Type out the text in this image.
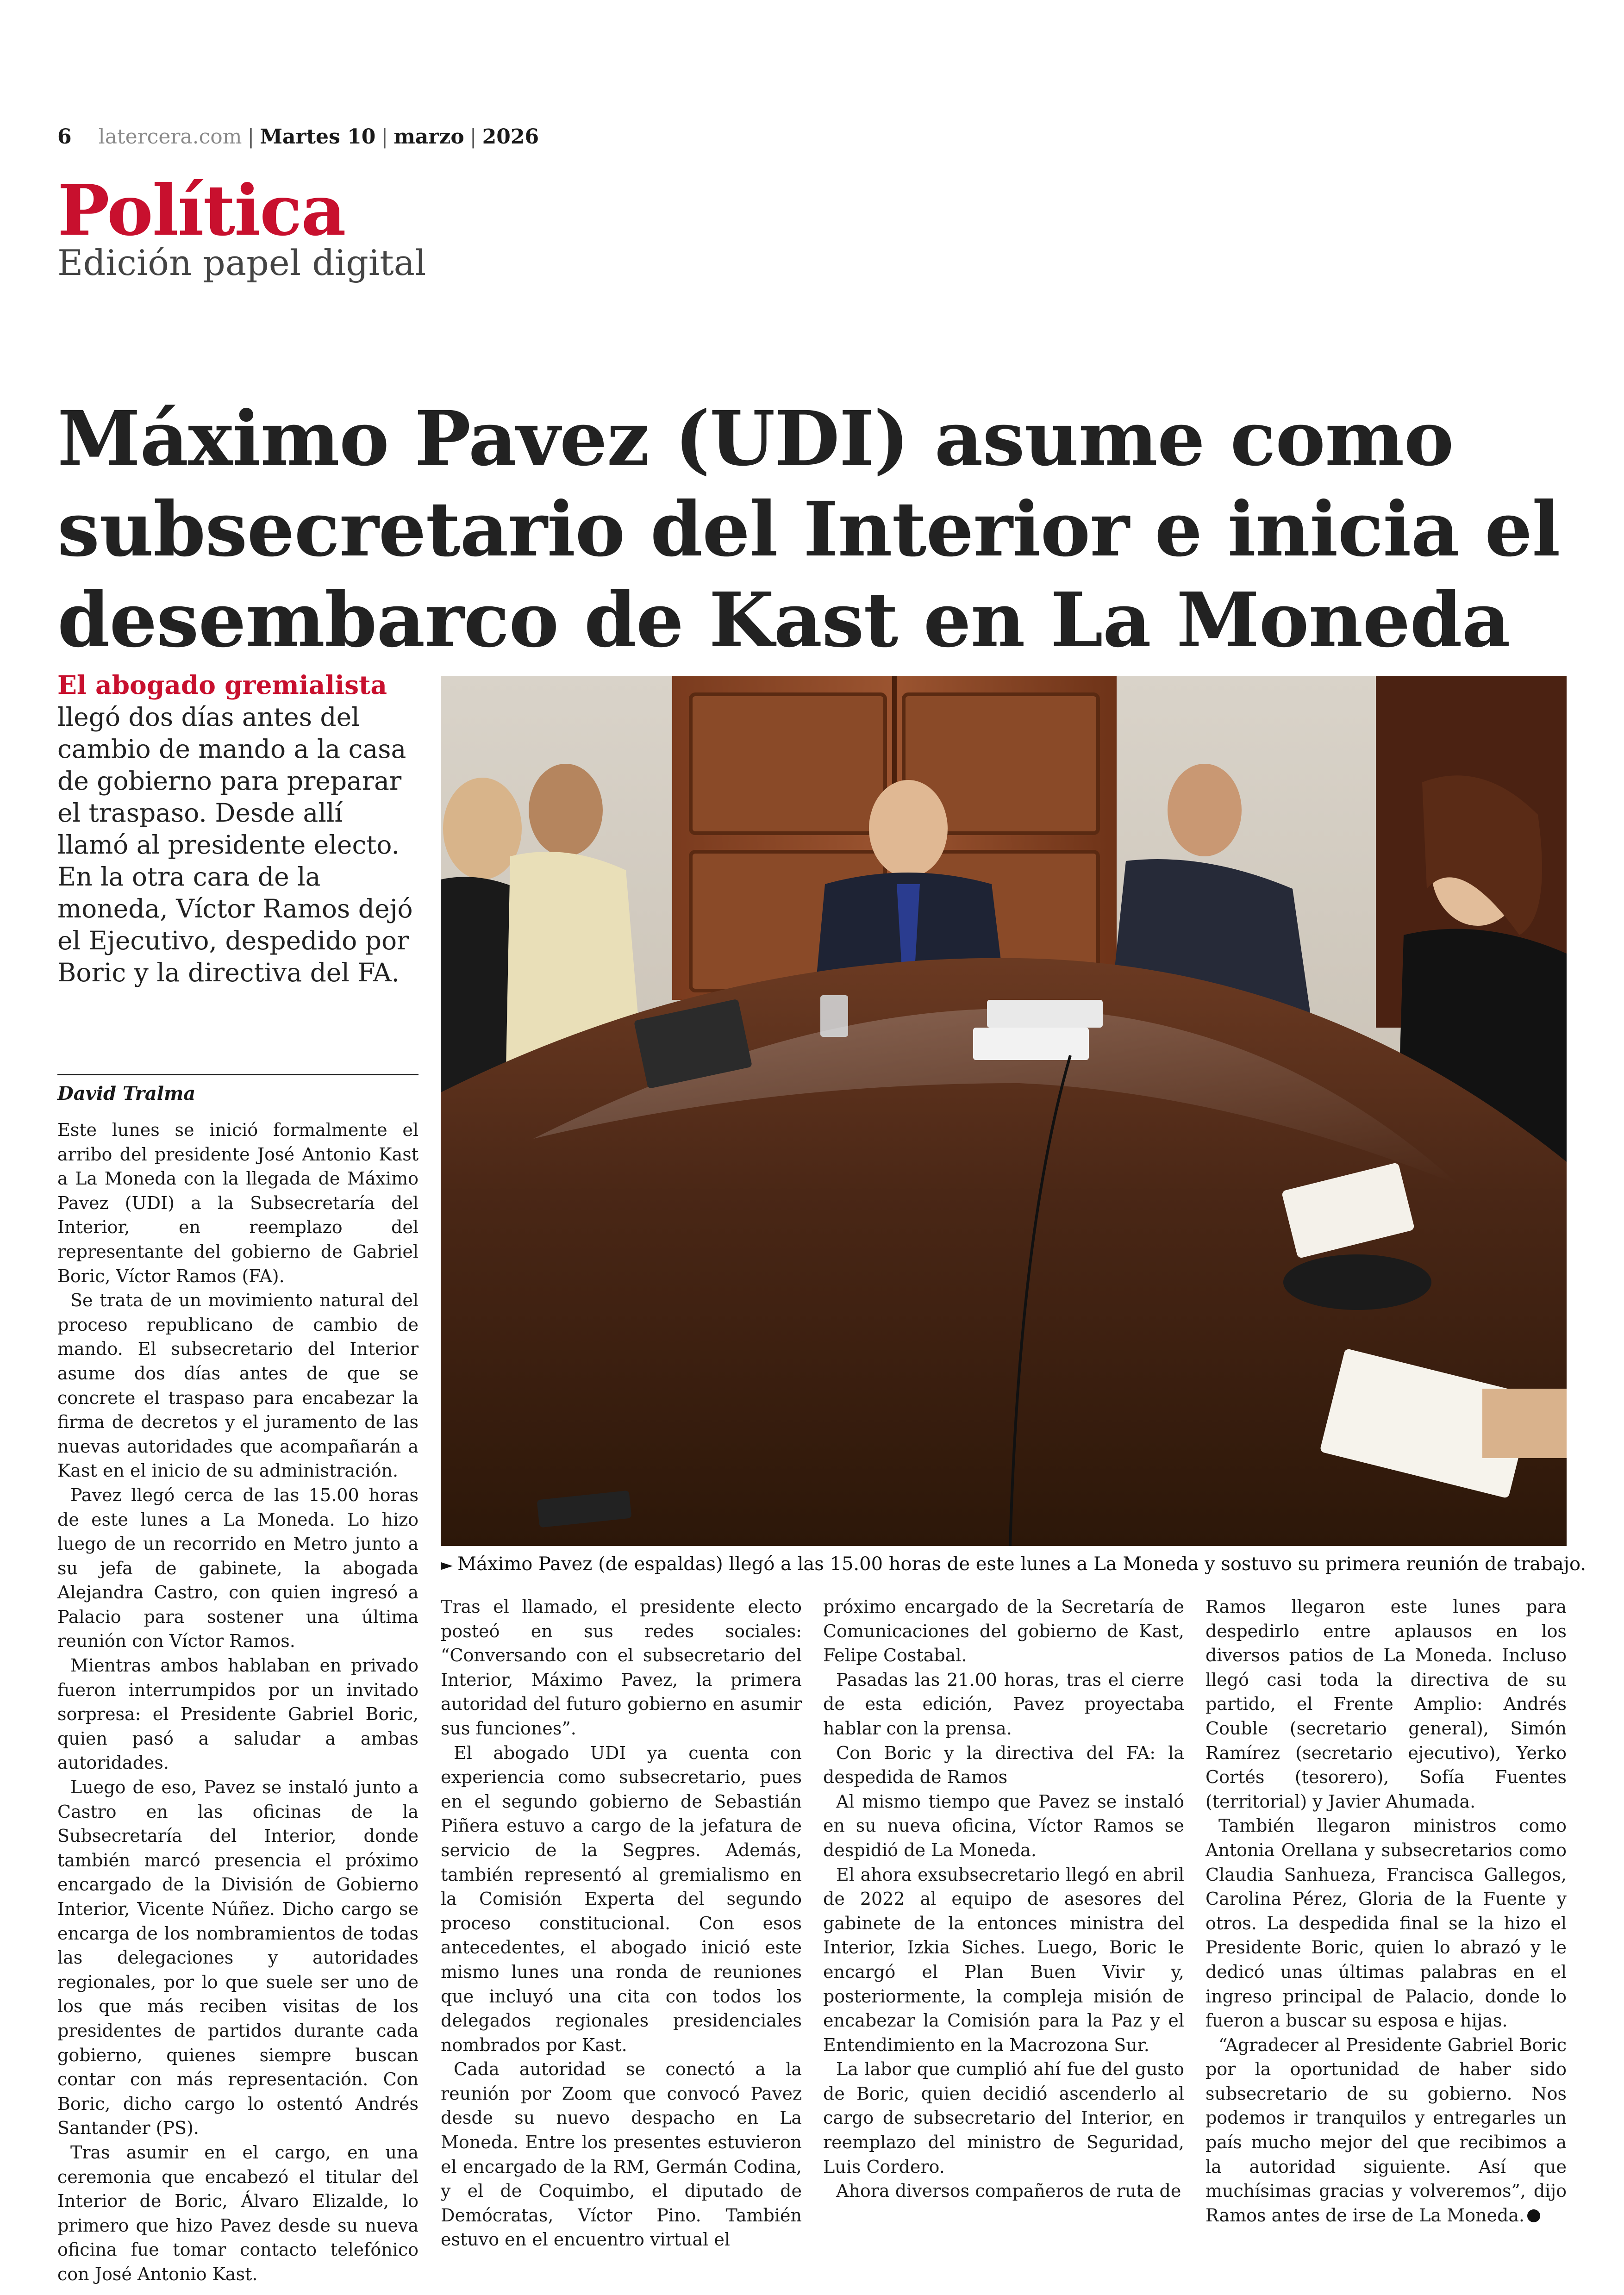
6 latercera.com | Martes 10 | marzo | 2026
Política
Edición papel digital
Máximo Pavez (UDI) asume como
subsecretario del Interior e inicia el
desembarco de Kast en La Moneda
El abogado gremialista llegó dos días antes del cambio de mando a la casa de gobierno para preparar el traspaso. Desde allí llamó al presidente electo. En la otra cara de la moneda, Víctor Ramos dejó el Ejecutivo, despedido por Boric y la directiva del FA.
► Máximo Pavez (de espaldas) llegó a las 15.00 horas de este lunes a La Moneda y sostuvo su primera reunión de trabajo.
David Tralma

Este lunes se inició formalmente el arribo del presidente José Antonio Kast a La Moneda con la llegada de Máximo Pavez (UDI) a la Subsecretaría del Interior, en reemplazo del representante del gobierno de Gabriel Boric, Víctor Ramos (FA).

Se trata de un movimiento natural del proceso republicano de cambio de mando. El subsecretario del Interior asume dos días antes de que se concrete el traspaso para encabezar la firma de decretos y el juramento de las nuevas autoridades que acompañarán a Kast en el inicio de su administración.

Pavez llegó cerca de las 15.00 horas de este lunes a La Moneda. Lo hizo luego de un recorrido en Metro junto a su jefa de gabinete, la abogada Alejandra Castro, con quien ingresó a Palacio para sostener una última reunión con Víctor Ramos.

Mientras ambos hablaban en privado fueron interrumpidos por un invitado sorpresa: el Presidente Gabriel Boric, quien pasó a saludar a ambas autoridades.

Luego de eso, Pavez se instaló junto a Castro en las oficinas de la Subsecretaría del Interior, donde también marcó presencia el próximo encargado de la División de Gobierno Interior, Vicente Núñez. Dicho cargo se encarga de los nombramientos de todas las delegaciones y autoridades regionales, por lo que suele ser uno de los que más reciben visitas de los presidentes de partidos durante cada gobierno, quienes siempre buscan contar con más representación. Con Boric, dicho cargo lo ostentó Andrés Santander (PS).

Tras asumir en el cargo, en una ceremonia que encabezó el titular del Interior de Boric, Álvaro Elizalde, lo primero que hizo Pavez desde su nueva oficina fue tomar contacto telefónico con José Antonio Kast.

Tras el llamado, el presidente electo posteó en sus redes sociales: “Conversando con el subsecretario del Interior, Máximo Pavez, la primera autoridad del futuro gobierno en asumir sus funciones”.

El abogado UDI ya cuenta con experiencia como subsecretario, pues en el segundo gobierno de Sebastián Piñera estuvo a cargo de la jefatura de servicio de la Segpres. Además, también representó al gremialismo en la Comisión Experta del segundo proceso constitucional. Con esos antecedentes, el abogado inició este mismo lunes una ronda de reuniones que incluyó una cita con todos los delegados regionales presidenciales nombrados por Kast.

Cada autoridad se conectó a la reunión por Zoom que convocó Pavez desde su nuevo despacho en La Moneda. Entre los presentes estuvieron el encargado de la RM, Germán Codina, y el de Coquimbo, el diputado de Demócratas, Víctor Pino. También estuvo en el encuentro virtual el

próximo encargado de la Secretaría de Comunicaciones del gobierno de Kast, Felipe Costabal.

Pasadas las 21.00 horas, tras el cierre de esta edición, Pavez proyectaba hablar con la prensa.

Con Boric y la directiva del FA: la despedida de Ramos

Al mismo tiempo que Pavez se instaló en su nueva oficina, Víctor Ramos se despidió de La Moneda.

El ahora exsubsecretario llegó en abril de 2022 al equipo de asesores del gabinete de la entonces ministra del Interior, Izkia Siches. Luego, Boric le encargó el Plan Buen Vivir y, posteriormente, la compleja misión de encabezar la Comisión para la Paz y el Entendimiento en la Macrozona Sur.

La labor que cumplió ahí fue del gusto de Boric, quien decidió ascenderlo al cargo de subsecretario del Interior, en reemplazo del ministro de Seguridad, Luis Cordero.

Ahora diversos compañeros de ruta de

Ramos llegaron este lunes para despedirlo entre aplausos en los diversos patios de La Moneda. Incluso llegó casi toda la directiva de su partido, el Frente Amplio: Andrés Couble (secretario general), Simón Ramírez (secretario ejecutivo), Yerko Cortés (tesorero), Sofía Fuentes (territorial) y Javier Ahumada.

También llegaron ministros como Antonia Orellana y subsecretarios como Claudia Sanhueza, Francisca Gallegos, Carolina Pérez, Gloria de la Fuente y otros. La despedida final se la hizo el Presidente Boric, quien lo abrazó y le dedicó unas últimas palabras en el ingreso principal de Palacio, donde lo fueron a buscar su esposa e hijas.

“Agradecer al Presidente Gabriel Boric por la oportunidad de haber sido subsecretario de su gobierno. Nos podemos ir tranquilos y entregarles un país mucho mejor del que recibimos a la autoridad siguiente. Así que muchísimas gracias y volveremos”, dijo Ramos antes de irse de La Moneda.
